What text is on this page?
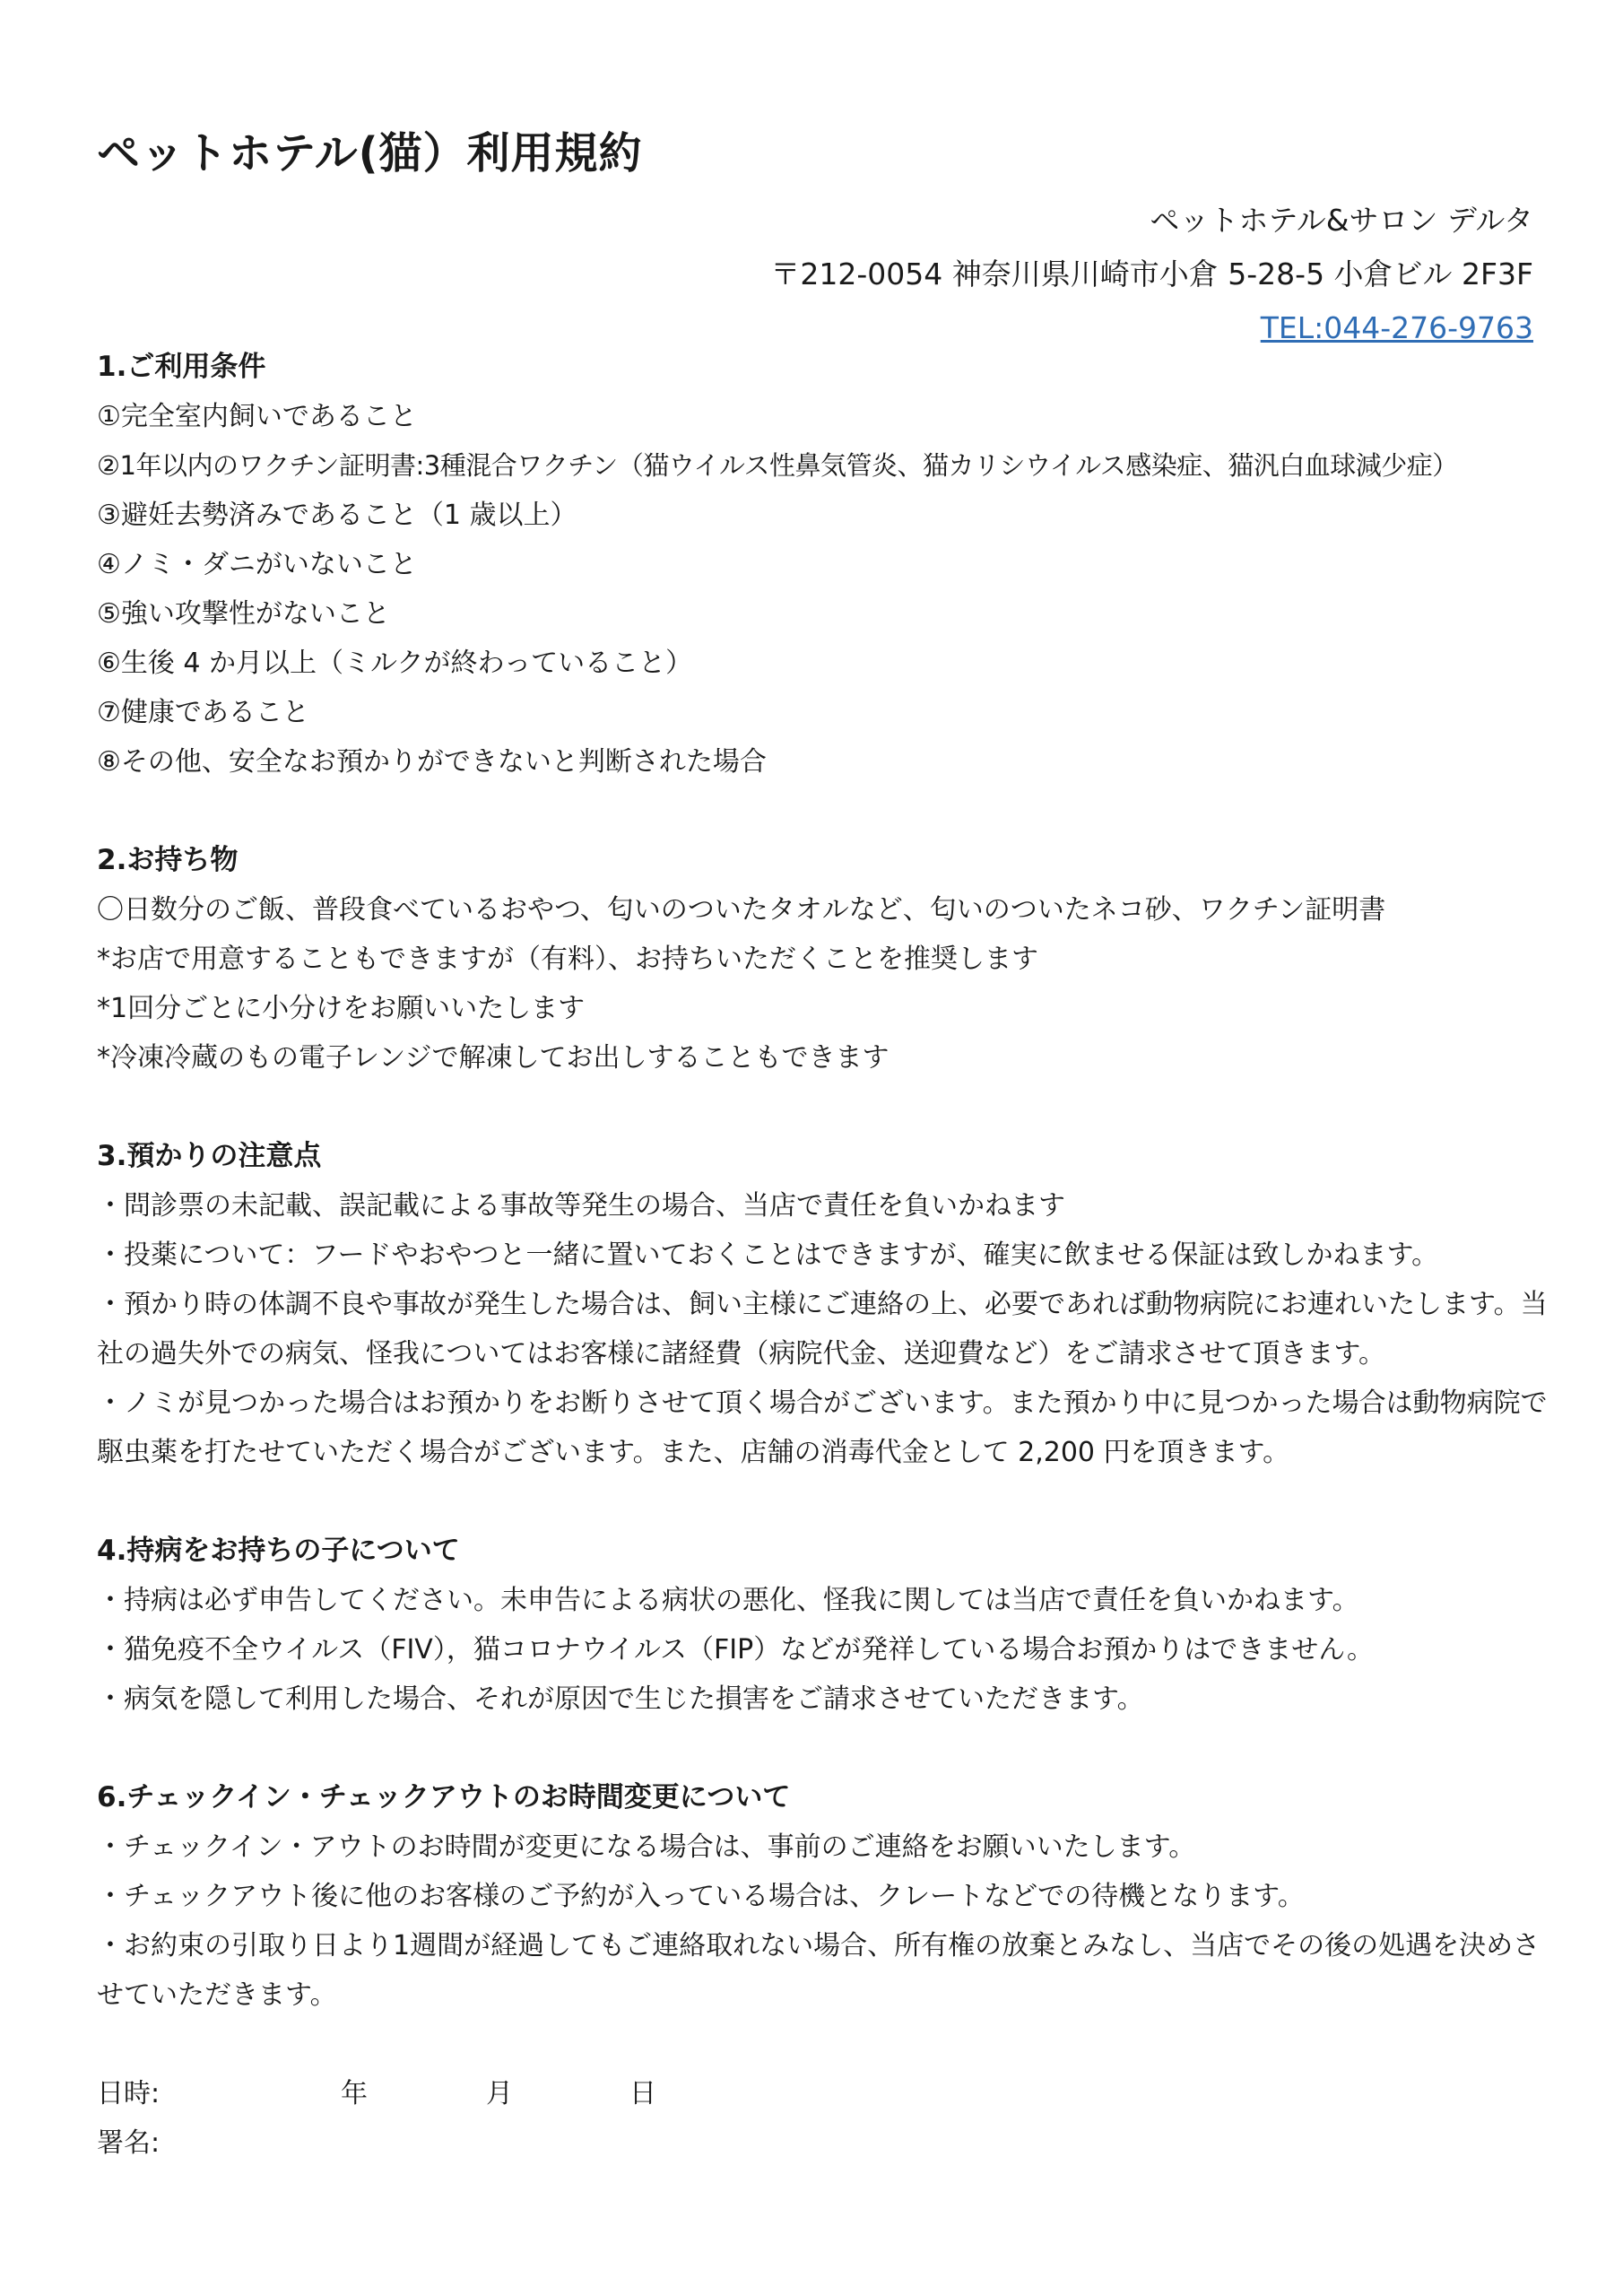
ペットホテル(猫）利用規約
ペットホテル&サロン デルタ
〒212-0054 神奈川県川崎市小倉 5-28-5 小倉ビル 2F3F
TEL:044-276-9763
1.ご利用条件
①完全室内飼いであること
②1年以内のワクチン証明書:3種混合ワクチン（猫ウイルス性鼻気管炎、猫カリシウイルス感染症、猫汎白血球減少症）
③避妊去勢済みであること（1 歳以上）
④ノミ・ダニがいないこと
⑤強い攻撃性がないこと
⑥生後 4 か月以上（ミルクが終わっていること）
⑦健康であること
⑧その他、安全なお預かりができないと判断された場合
2.お持ち物
〇日数分のご飯、普段食べているおやつ、匂いのついたタオルなど、匂いのついたネコ砂、ワクチン証明書
*お店で用意することもできますが（有料）、お持ちいただくことを推奨します
*1回分ごとに小分けをお願いいたします
*冷凍冷蔵のもの電子レンジで解凍してお出しすることもできます
3.預かりの注意点
・問診票の未記載、誤記載による事故等発生の場合、当店で責任を負いかねます
・投薬について：フードやおやつと一緒に置いておくことはできますが、確実に飲ませる保証は致しかねます。
・預かり時の体調不良や事故が発生した場合は、飼い主様にご連絡の上、必要であれば動物病院にお連れいたします。当社の過失外での病気、怪我についてはお客様に諸経費（病院代金、送迎費など）をご請求させて頂きます。
・ノミが見つかった場合はお預かりをお断りさせて頂く場合がございます。また預かり中に見つかった場合は動物病院で駆虫薬を打たせていただく場合がございます。また、店舗の消毒代金として 2,200 円を頂きます。
4.持病をお持ちの子について
・持病は必ず申告してください。未申告による病状の悪化、怪我に関しては当店で責任を負いかねます。
・猫免疫不全ウイルス（FIV），猫コロナウイルス（FIP）などが発祥している場合お預かりはできません。
・病気を隠して利用した場合、それが原因で生じた損害をご請求させていただきます。
6.チェックイン・チェックアウトのお時間変更について
・チェックイン・アウトのお時間が変更になる場合は、事前のご連絡をお願いいたします。
・チェックアウト後に他のお客様のご予約が入っている場合は、クレートなどでの待機となります。
・お約束の引取り日より1週間が経過してもご連絡取れない場合、所有権の放棄とみなし、当店でその後の処遇を決めさせていただきます。
日時:	年	月	日
署名:
